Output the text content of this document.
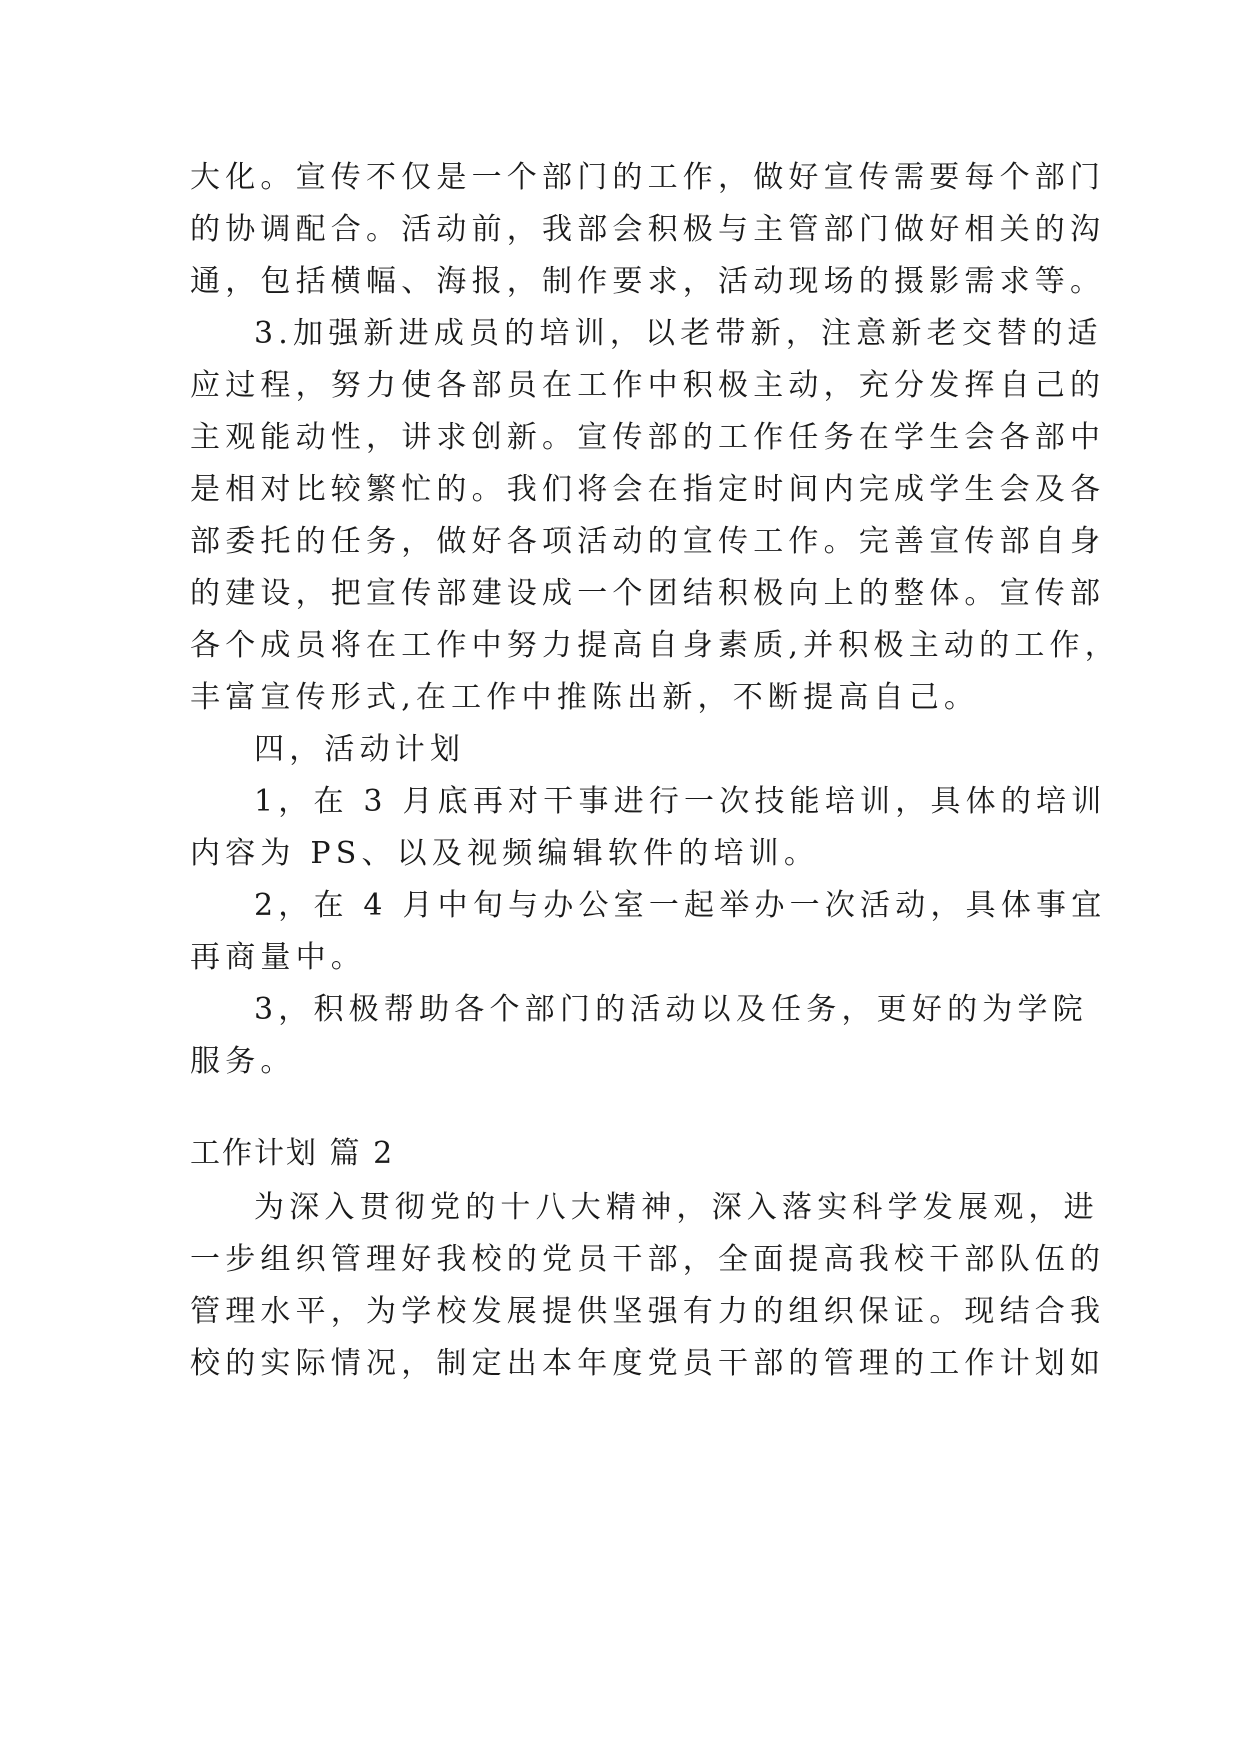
大化。宣传不仅是一个部门的工作，做好宣传需要每个部门
的协调配合。活动前，我部会积极与主管部门做好相关的沟
通，包括横幅、海报，制作要求，活动现场的摄影需求等。
3.加强新进成员的培训，以老带新，注意新老交替的适
应过程，努力使各部员在工作中积极主动，充分发挥自己的
主观能动性，讲求创新。宣传部的工作任务在学生会各部中
是相对比较繁忙的。我们将会在指定时间内完成学生会及各
部委托的任务，做好各项活动的宣传工作。完善宣传部自身
的建设，把宣传部建设成一个团结积极向上的整体。宣传部
各个成员将在工作中努力提高自身素质,并积极主动的工作，
丰富宣传形式,在工作中推陈出新，不断提高自己。
四，活动计划
1，在 3 月底再对干事进行一次技能培训，具体的培训
内容为 PS、以及视频编辑软件的培训。
2，在 4 月中旬与办公室一起举办一次活动，具体事宜
再商量中。
3，积极帮助各个部门的活动以及任务，更好的为学院
服务。
工作计划 篇 2
为深入贯彻党的十八大精神，深入落实科学发展观，进
一步组织管理好我校的党员干部，全面提高我校干部队伍的
管理水平，为学校发展提供坚强有力的组织保证。现结合我
校的实际情况，制定出本年度党员干部的管理的工作计划如
